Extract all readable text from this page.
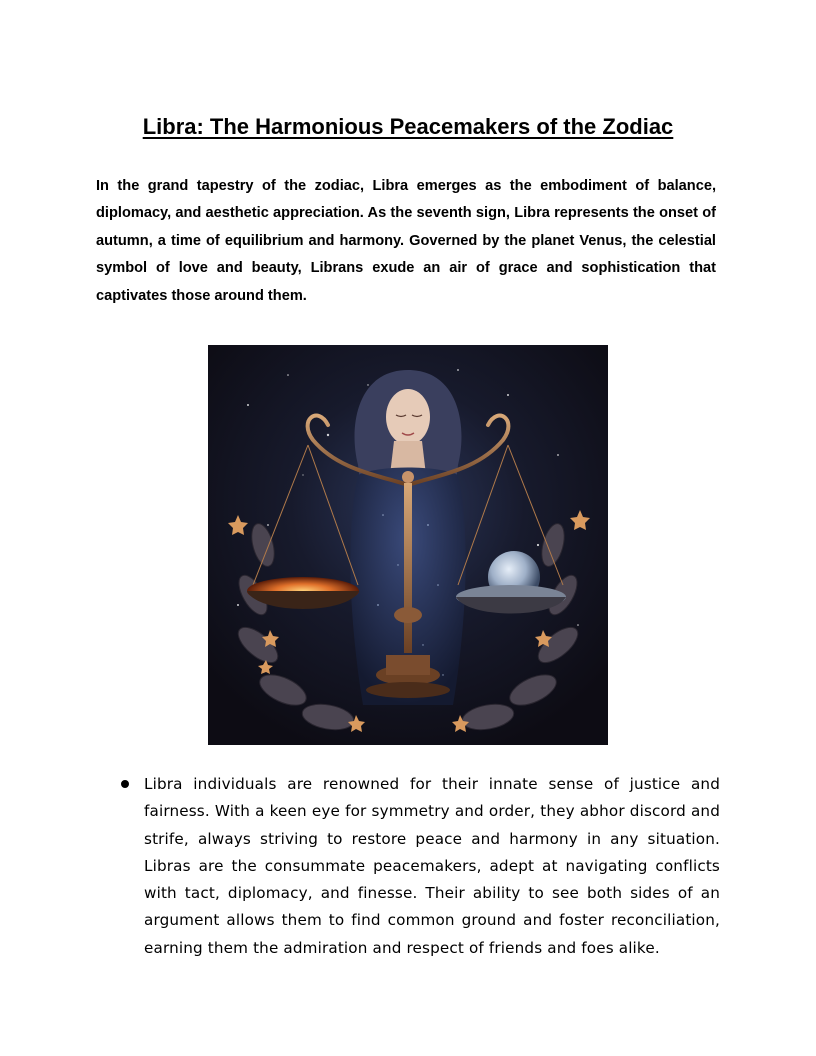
Libra: The Harmonious Peacemakers of the Zodiac
In the grand tapestry of the zodiac, Libra emerges as the embodiment of balance, diplomacy, and aesthetic appreciation. As the seventh sign, Libra represents the onset of autumn, a time of equilibrium and harmony. Governed by the planet Venus, the celestial symbol of love and beauty, Librans exude an air of grace and sophistication that captivates those around them.
Libra individuals are renowned for their innate sense of justice and fairness. With a keen eye for symmetry and order, they abhor discord and strife, always striving to restore peace and harmony in any situation. Libras are the consummate peacemakers, adept at navigating conflicts with tact, diplomacy, and finesse. Their ability to see both sides of an argument allows them to find common ground and foster reconciliation, earning them the admiration and respect of friends and foes alike.
